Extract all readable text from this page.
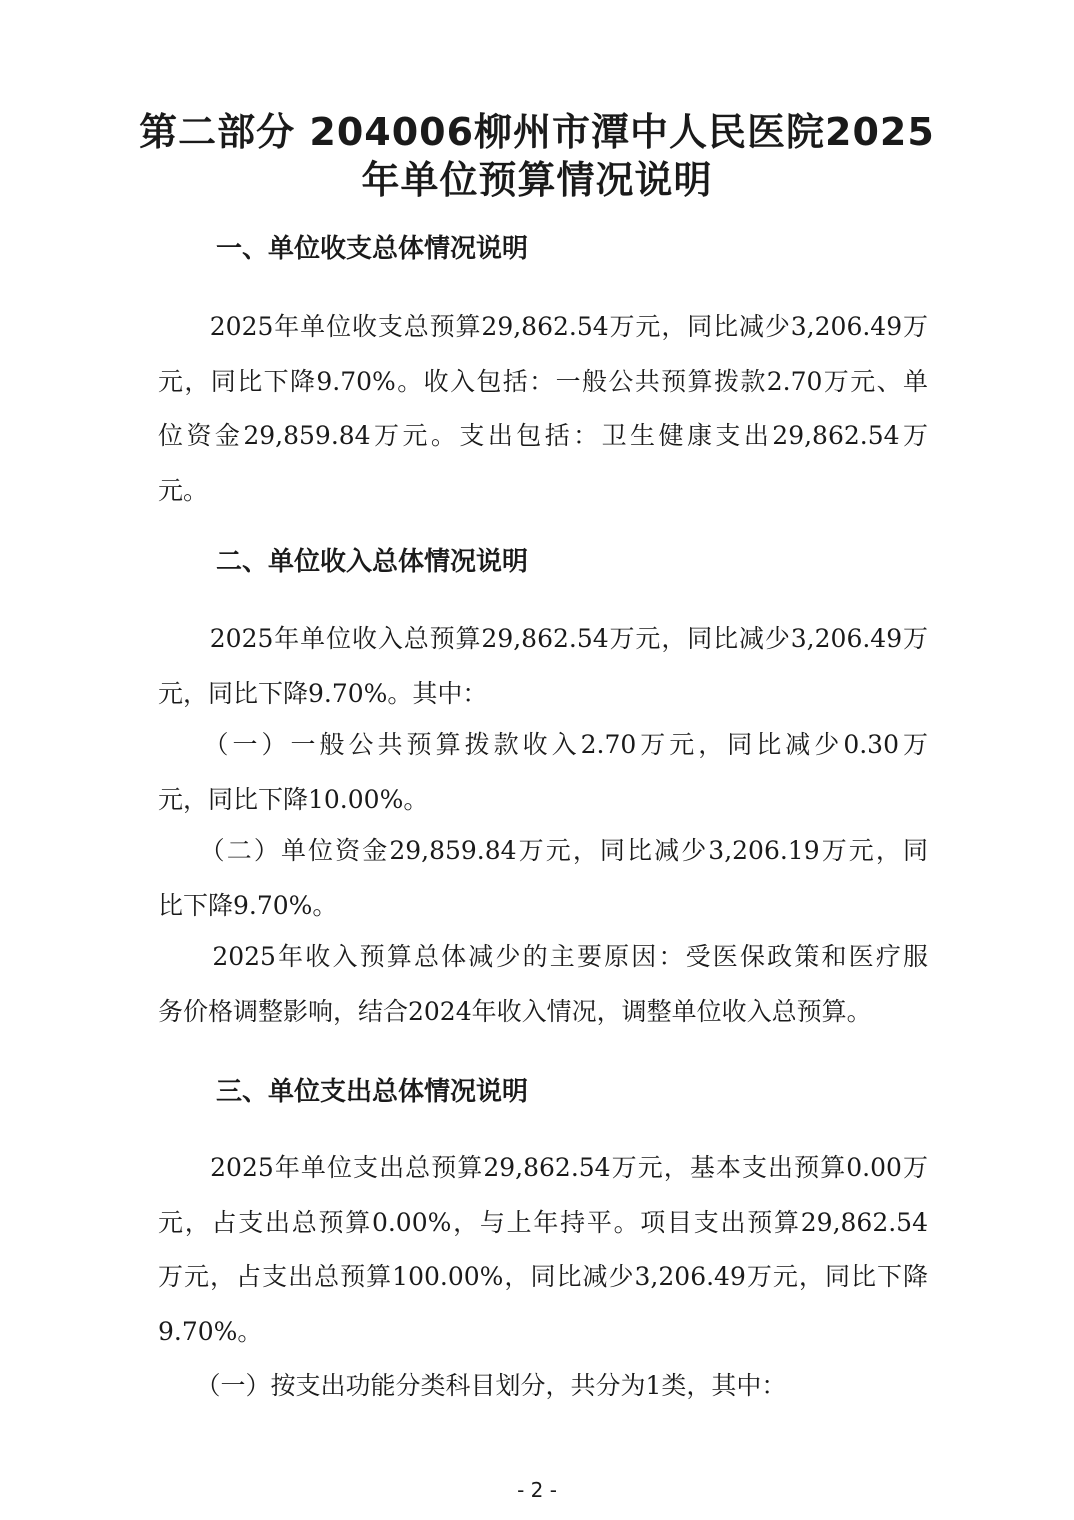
第二部分 204006柳州市潭中人民医院2025
年单位预算情况说明
一、单位收支总体情况说明
　　2025年单位收支总预算29,862.54万元，同比减少3,206.49万
元，同比下降9.70%。收入包括：一般公共预算拨款2.70万元、单
位资金29,859.84万元。支出包括：卫生健康支出29,862.54万
元。
二、单位收入总体情况说明
　　2025年单位收入总预算29,862.54万元，同比减少3,206.49万
元，同比下降9.70%。其中：
　　（一）一般公共预算拨款收入2.70万元，同比减少0.30万
元，同比下降10.00%。
　　（二）单位资金29,859.84万元，同比减少3,206.19万元，同
比下降9.70%。
　　2025年收入预算总体减少的主要原因：受医保政策和医疗服
务价格调整影响，结合2024年收入情况，调整单位收入总预算。
三、单位支出总体情况说明
　　2025年单位支出总预算29,862.54万元，基本支出预算0.00万
元，占支出总预算0.00%，与上年持平。项目支出预算29,862.54
万元，占支出总预算100.00%，同比减少3,206.49万元，同比下降
9.70%。
　　（一）按支出功能分类科目划分，共分为1类，其中：
- 2 -
